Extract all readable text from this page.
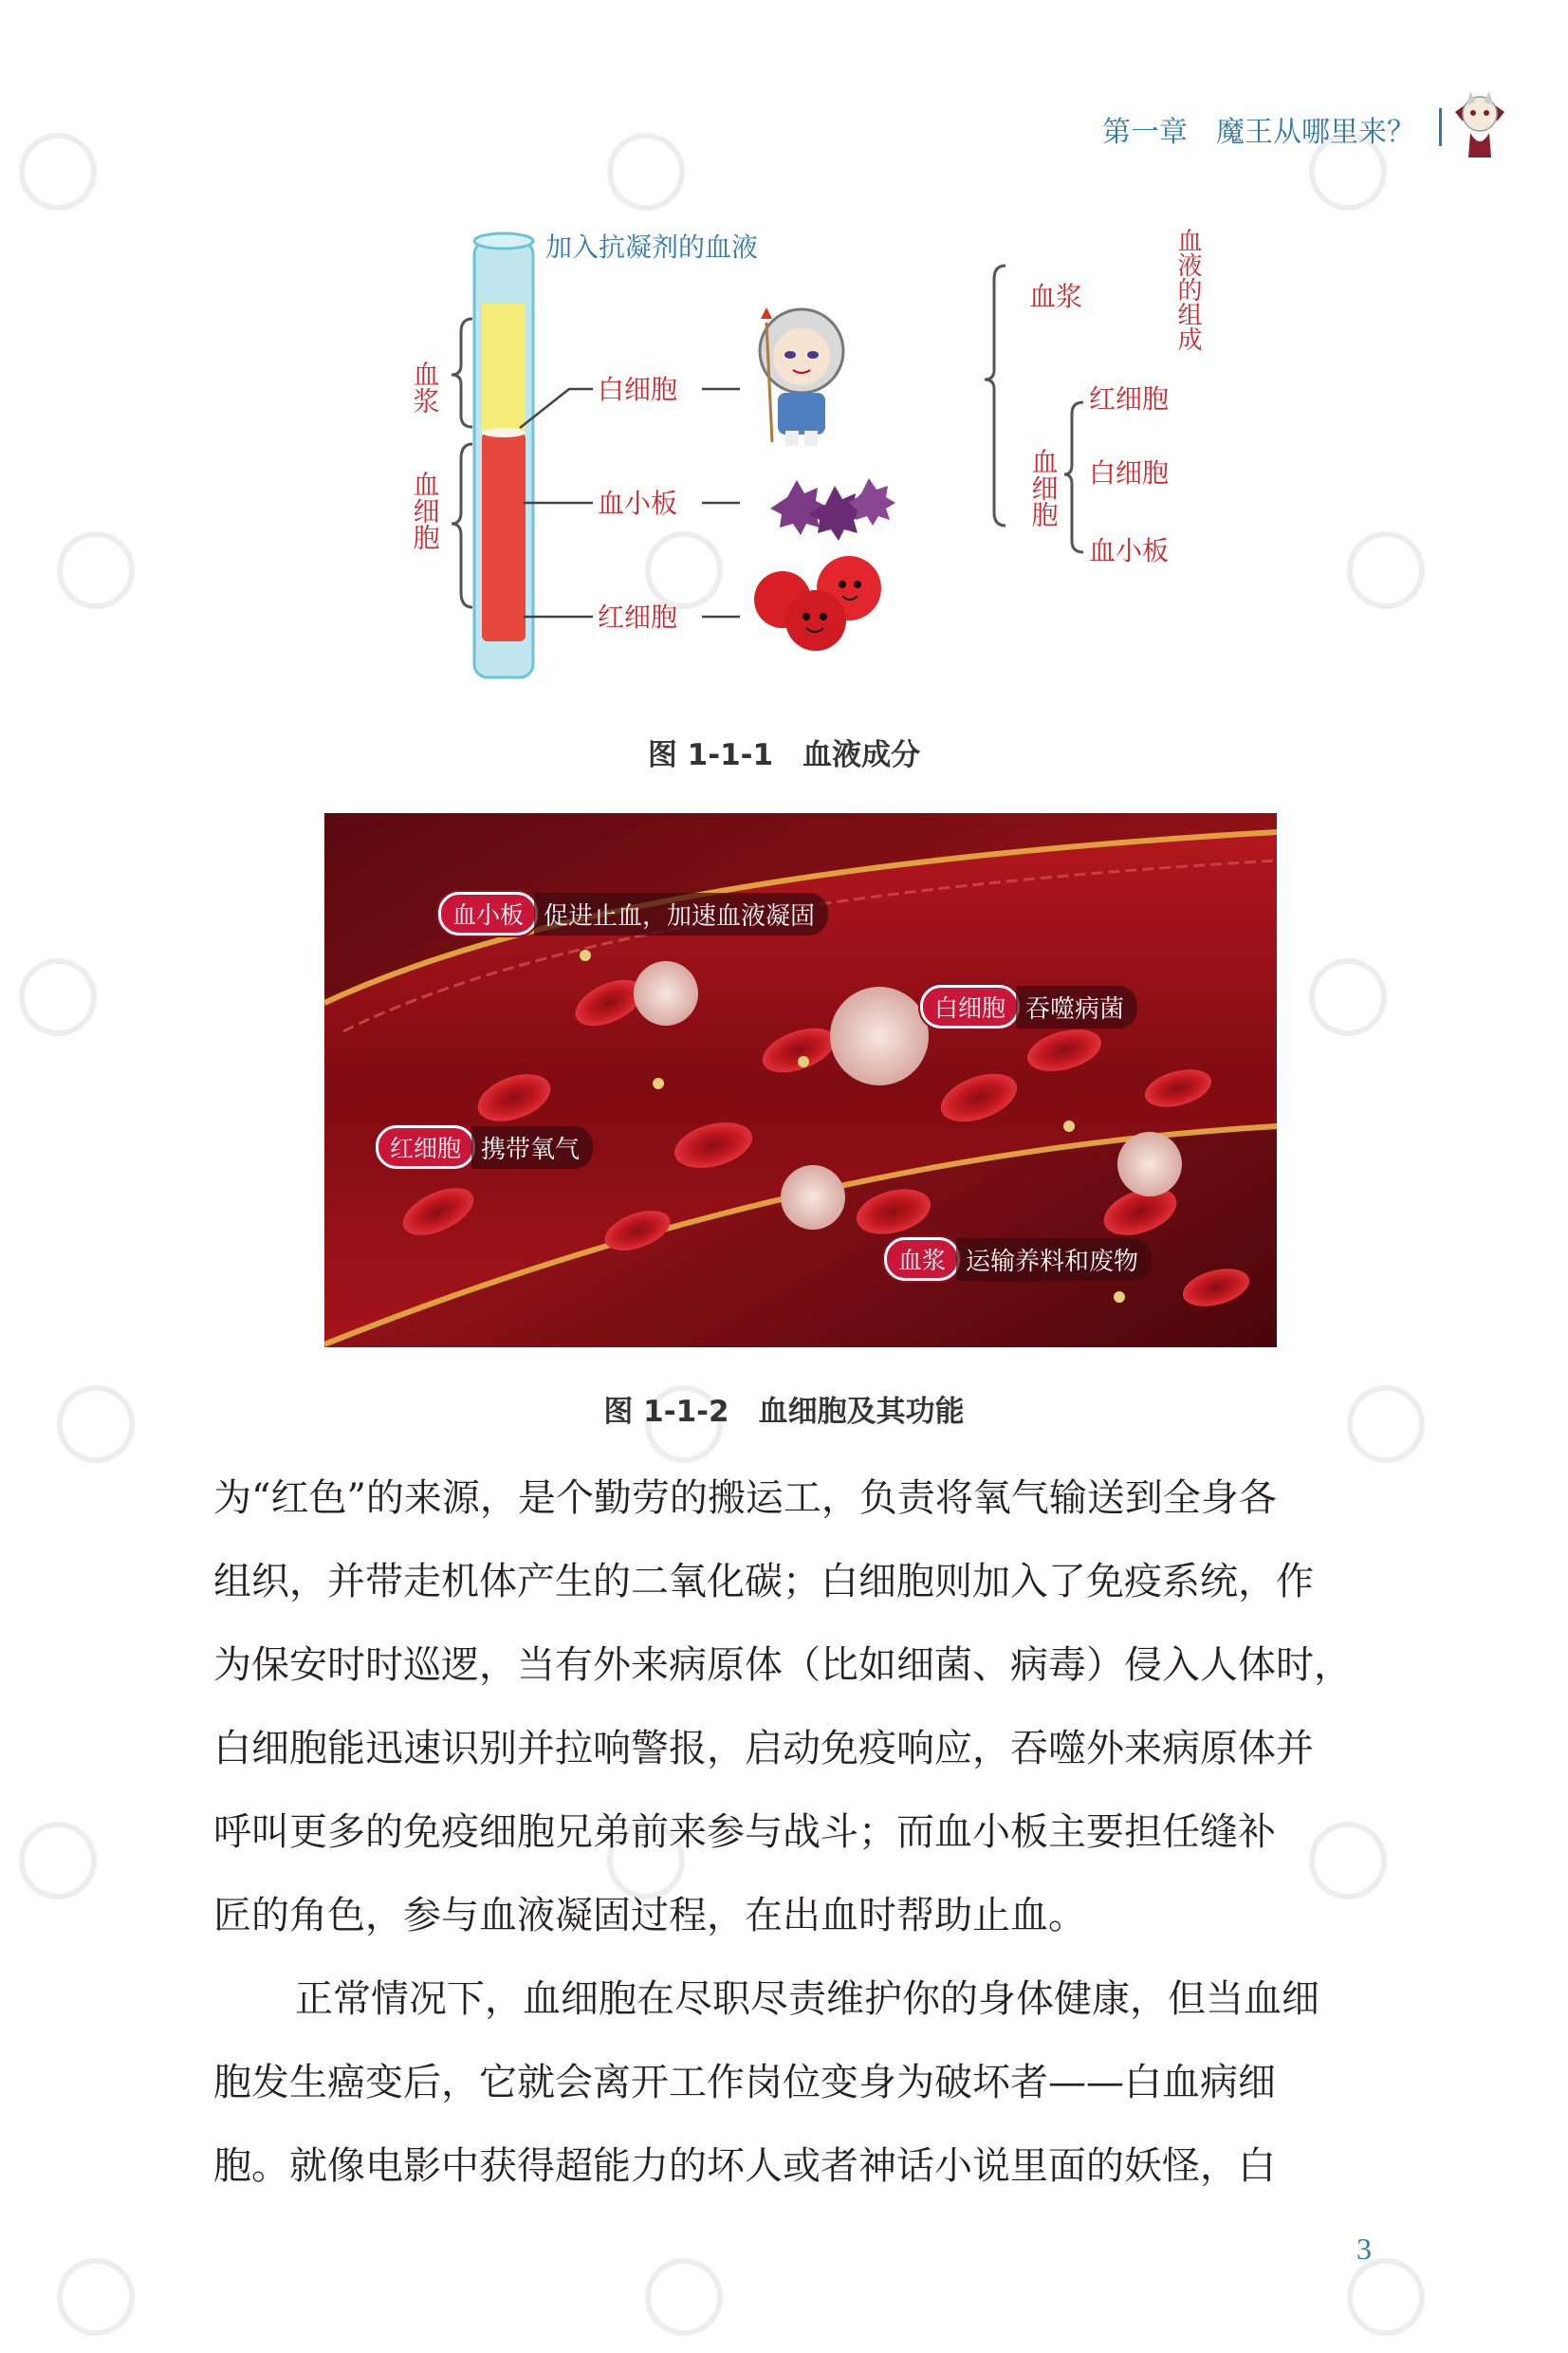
第一章　魔王从哪里来？
血浆
血细胞
加入抗凝剂的血液
白细胞
血小板
红细胞
血液的组成
血浆
血细胞
红细胞
白细胞
血小板
图 1-1-1　血液成分
血小板 促进止血，加速血液凝固
白细胞 吞噬病菌
红细胞 携带氧气
血浆 运输养料和废物
图 1-1-2　血细胞及其功能
为“红色”的来源，是个勤劳的搬运工，负责将氧气输送到全身各
组织，并带走机体产生的二氧化碳；白细胞则加入了免疫系统，作
为保安时时巡逻，当有外来病原体（比如细菌、病毒）侵入人体时，
白细胞能迅速识别并拉响警报，启动免疫响应，吞噬外来病原体并
呼叫更多的免疫细胞兄弟前来参与战斗；而血小板主要担任缝补
匠的角色，参与血液凝固过程，在出血时帮助止血。
正常情况下，血细胞在尽职尽责维护你的身体健康，但当血细
胞发生癌变后，它就会离开工作岗位变身为破坏者——白血病细
胞。就像电影中获得超能力的坏人或者神话小说里面的妖怪，白
3
